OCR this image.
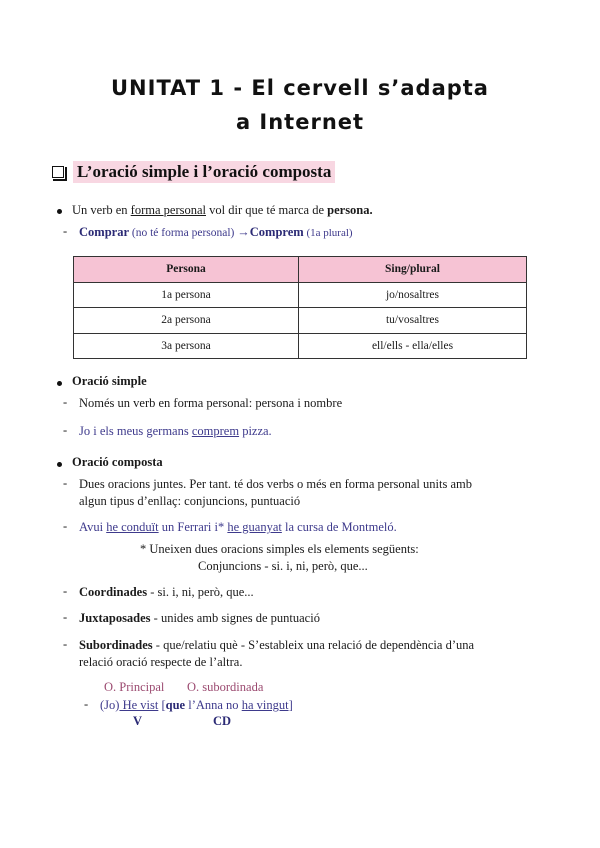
UNITAT 1 - El cervell s’adapta
a Internet
L’oració simple i l’oració composta
Un verb en forma personal vol dir que té marca de persona.
- Comprar (no té forma personal) →Comprem (1a plural)
Persona	Sing/plural
1a persona	jo/nosaltres
2a persona	tu/vosaltres
3a persona	ell/ells - ella/elles
Oració simple
- Només un verb en forma personal: persona i nombre
- Jo i els meus germans comprem pizza.
Oració composta
- Dues oracions juntes. Per tant. té dos verbs o més en forma personal units amb
algun tipus d’enllaç: conjuncions, puntuació
- Avui he conduït un Ferrari i* he guanyat la cursa de Montmeló.
* Uneixen dues oracions simples els elements següents:
Conjuncions - si. i, ni, però, que...
- Coordinades - si. i, ni, però, que...
- Juxtaposades - unides amb signes de puntuació
- Subordinades - que/relatiu què - S’estableix una relació de dependència d’una
relació oració respecte de l’altra.
O. Principal O. subordinada
- (Jo) He vist [que l’Anna no ha vingut]
V	CD
